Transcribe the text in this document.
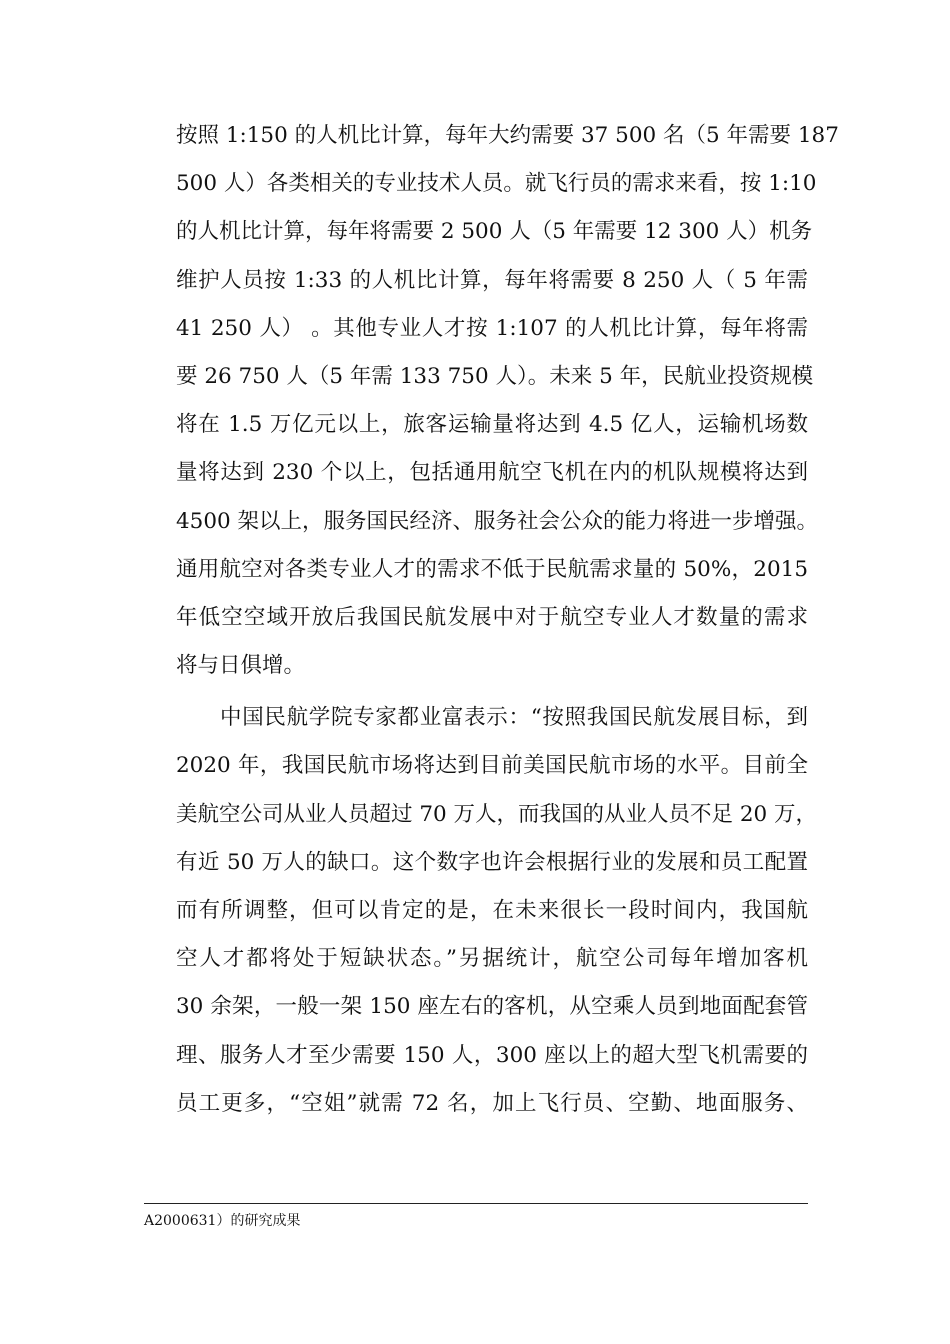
按照 1:150 的人机比计算，每年大约需要 37 500 名（5 年需要 187
500 人）各类相关的专业技术人员。就飞行员的需求来看，按 1:10
的人机比计算，每年将需要 2 500 人（5 年需要 12 300 人）机务
维护人员按 1:33 的人机比计算，每年将需要 8 250 人（ 5 年需
41 250 人） 。其他专业人才按 1:107 的人机比计算，每年将需
要 26 750 人（5 年需 133 750 人）。未来 5 年，民航业投资规模
将在 1.5 万亿元以上，旅客运输量将达到 4.5 亿人，运输机场数
量将达到 230 个以上，包括通用航空飞机在内的机队规模将达到
4500 架以上，服务国民经济、服务社会公众的能力将进一步增强。
通用航空对各类专业人才的需求不低于民航需求量的 50%，2015
年低空空域开放后我国民航发展中对于航空专业人才数量的需求
将与日俱增。
中国民航学院专家都业富表示：“按照我国民航发展目标，到
2020 年，我国民航市场将达到目前美国民航市场的水平。目前全
美航空公司从业人员超过 70 万人，而我国的从业人员不足 20 万，
有近 50 万人的缺口。这个数字也许会根据行业的发展和员工配置
而有所调整，但可以肯定的是，在未来很长一段时间内，我国航
空人才都将处于短缺状态。”另据统计，航空公司每年增加客机
30 余架，一般一架 150 座左右的客机，从空乘人员到地面配套管
理、服务人才至少需要 150 人，300 座以上的超大型飞机需要的
员工更多，“空姐”就需 72 名，加上飞行员、空勤、地面服务、
A2000631）的研究成果
